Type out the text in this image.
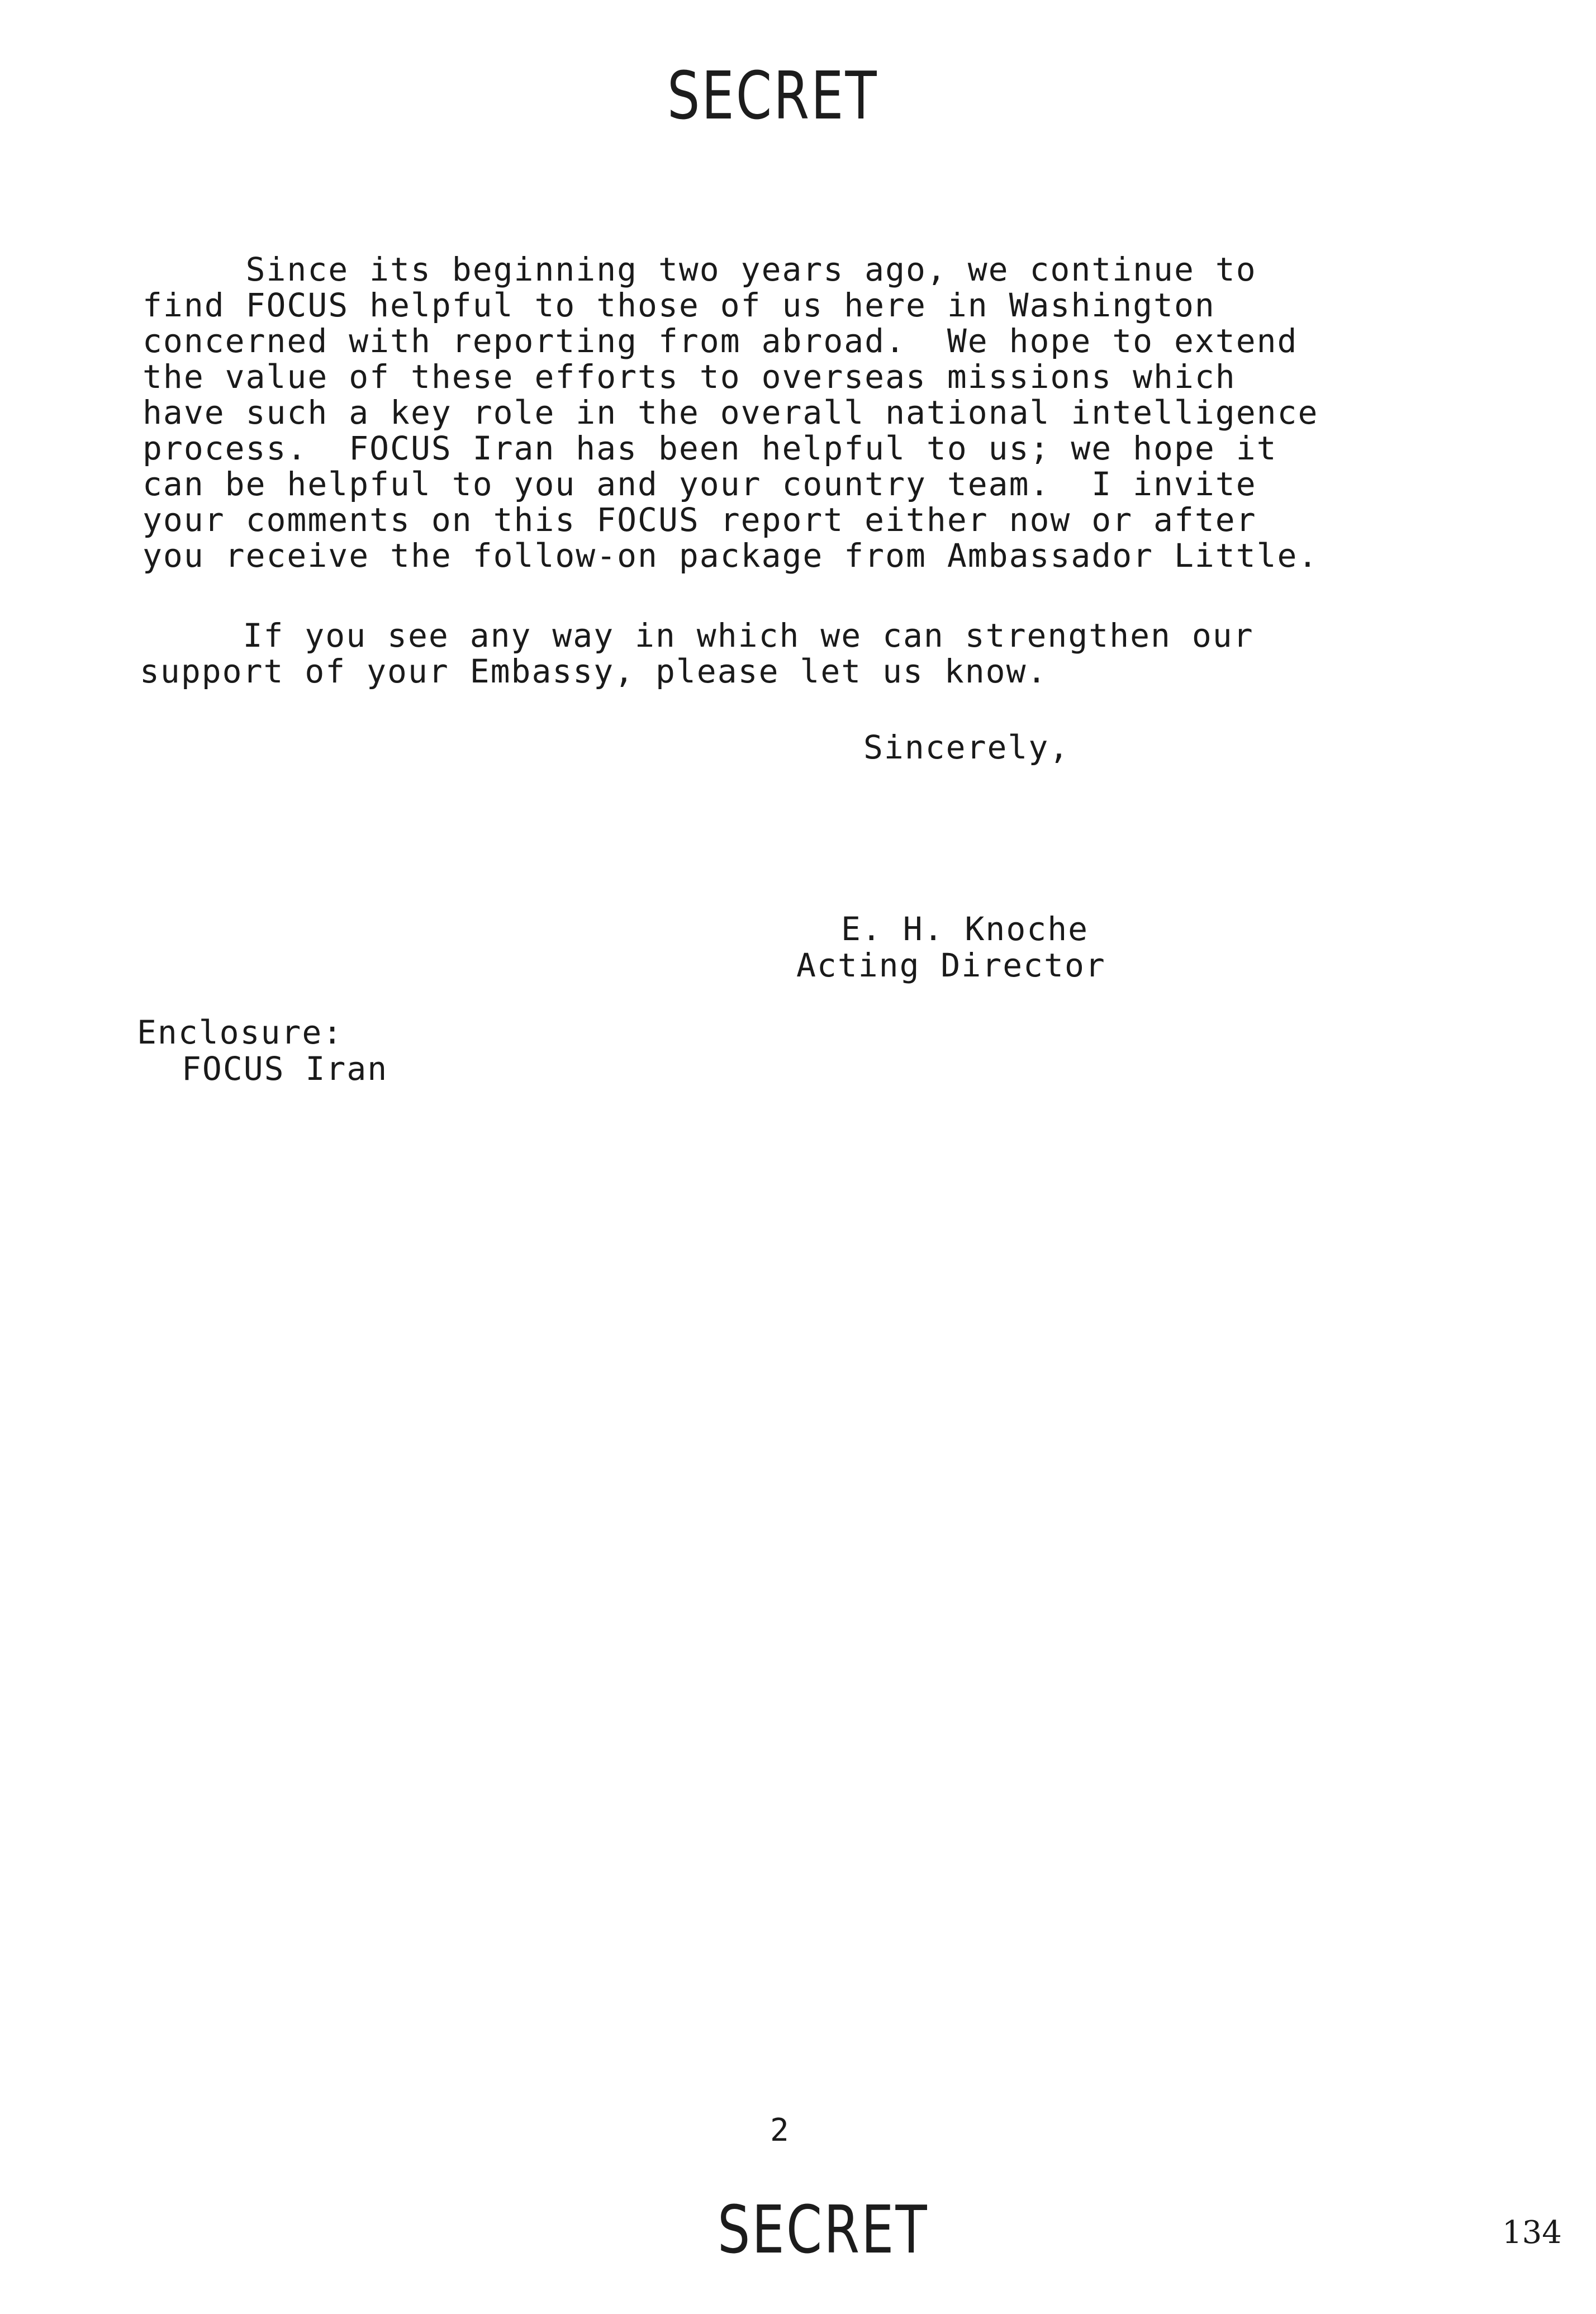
SECRET
Since its beginning two years ago, we continue to
find FOCUS helpful to those of us here in Washington
concerned with reporting from abroad.  We hope to extend
the value of these efforts to overseas missions which
have such a key role in the overall national intelligence
process.  FOCUS Iran has been helpful to us; we hope it
can be helpful to you and your country team.  I invite
your comments on this FOCUS report either now or after
you receive the follow-on package from Ambassador Little.
If you see any way in which we can strengthen our
support of your Embassy, please let us know.
Sincerely,
E. H. Knoche
Acting Director
Enclosure:
FOCUS Iran
2
SECRET	134
